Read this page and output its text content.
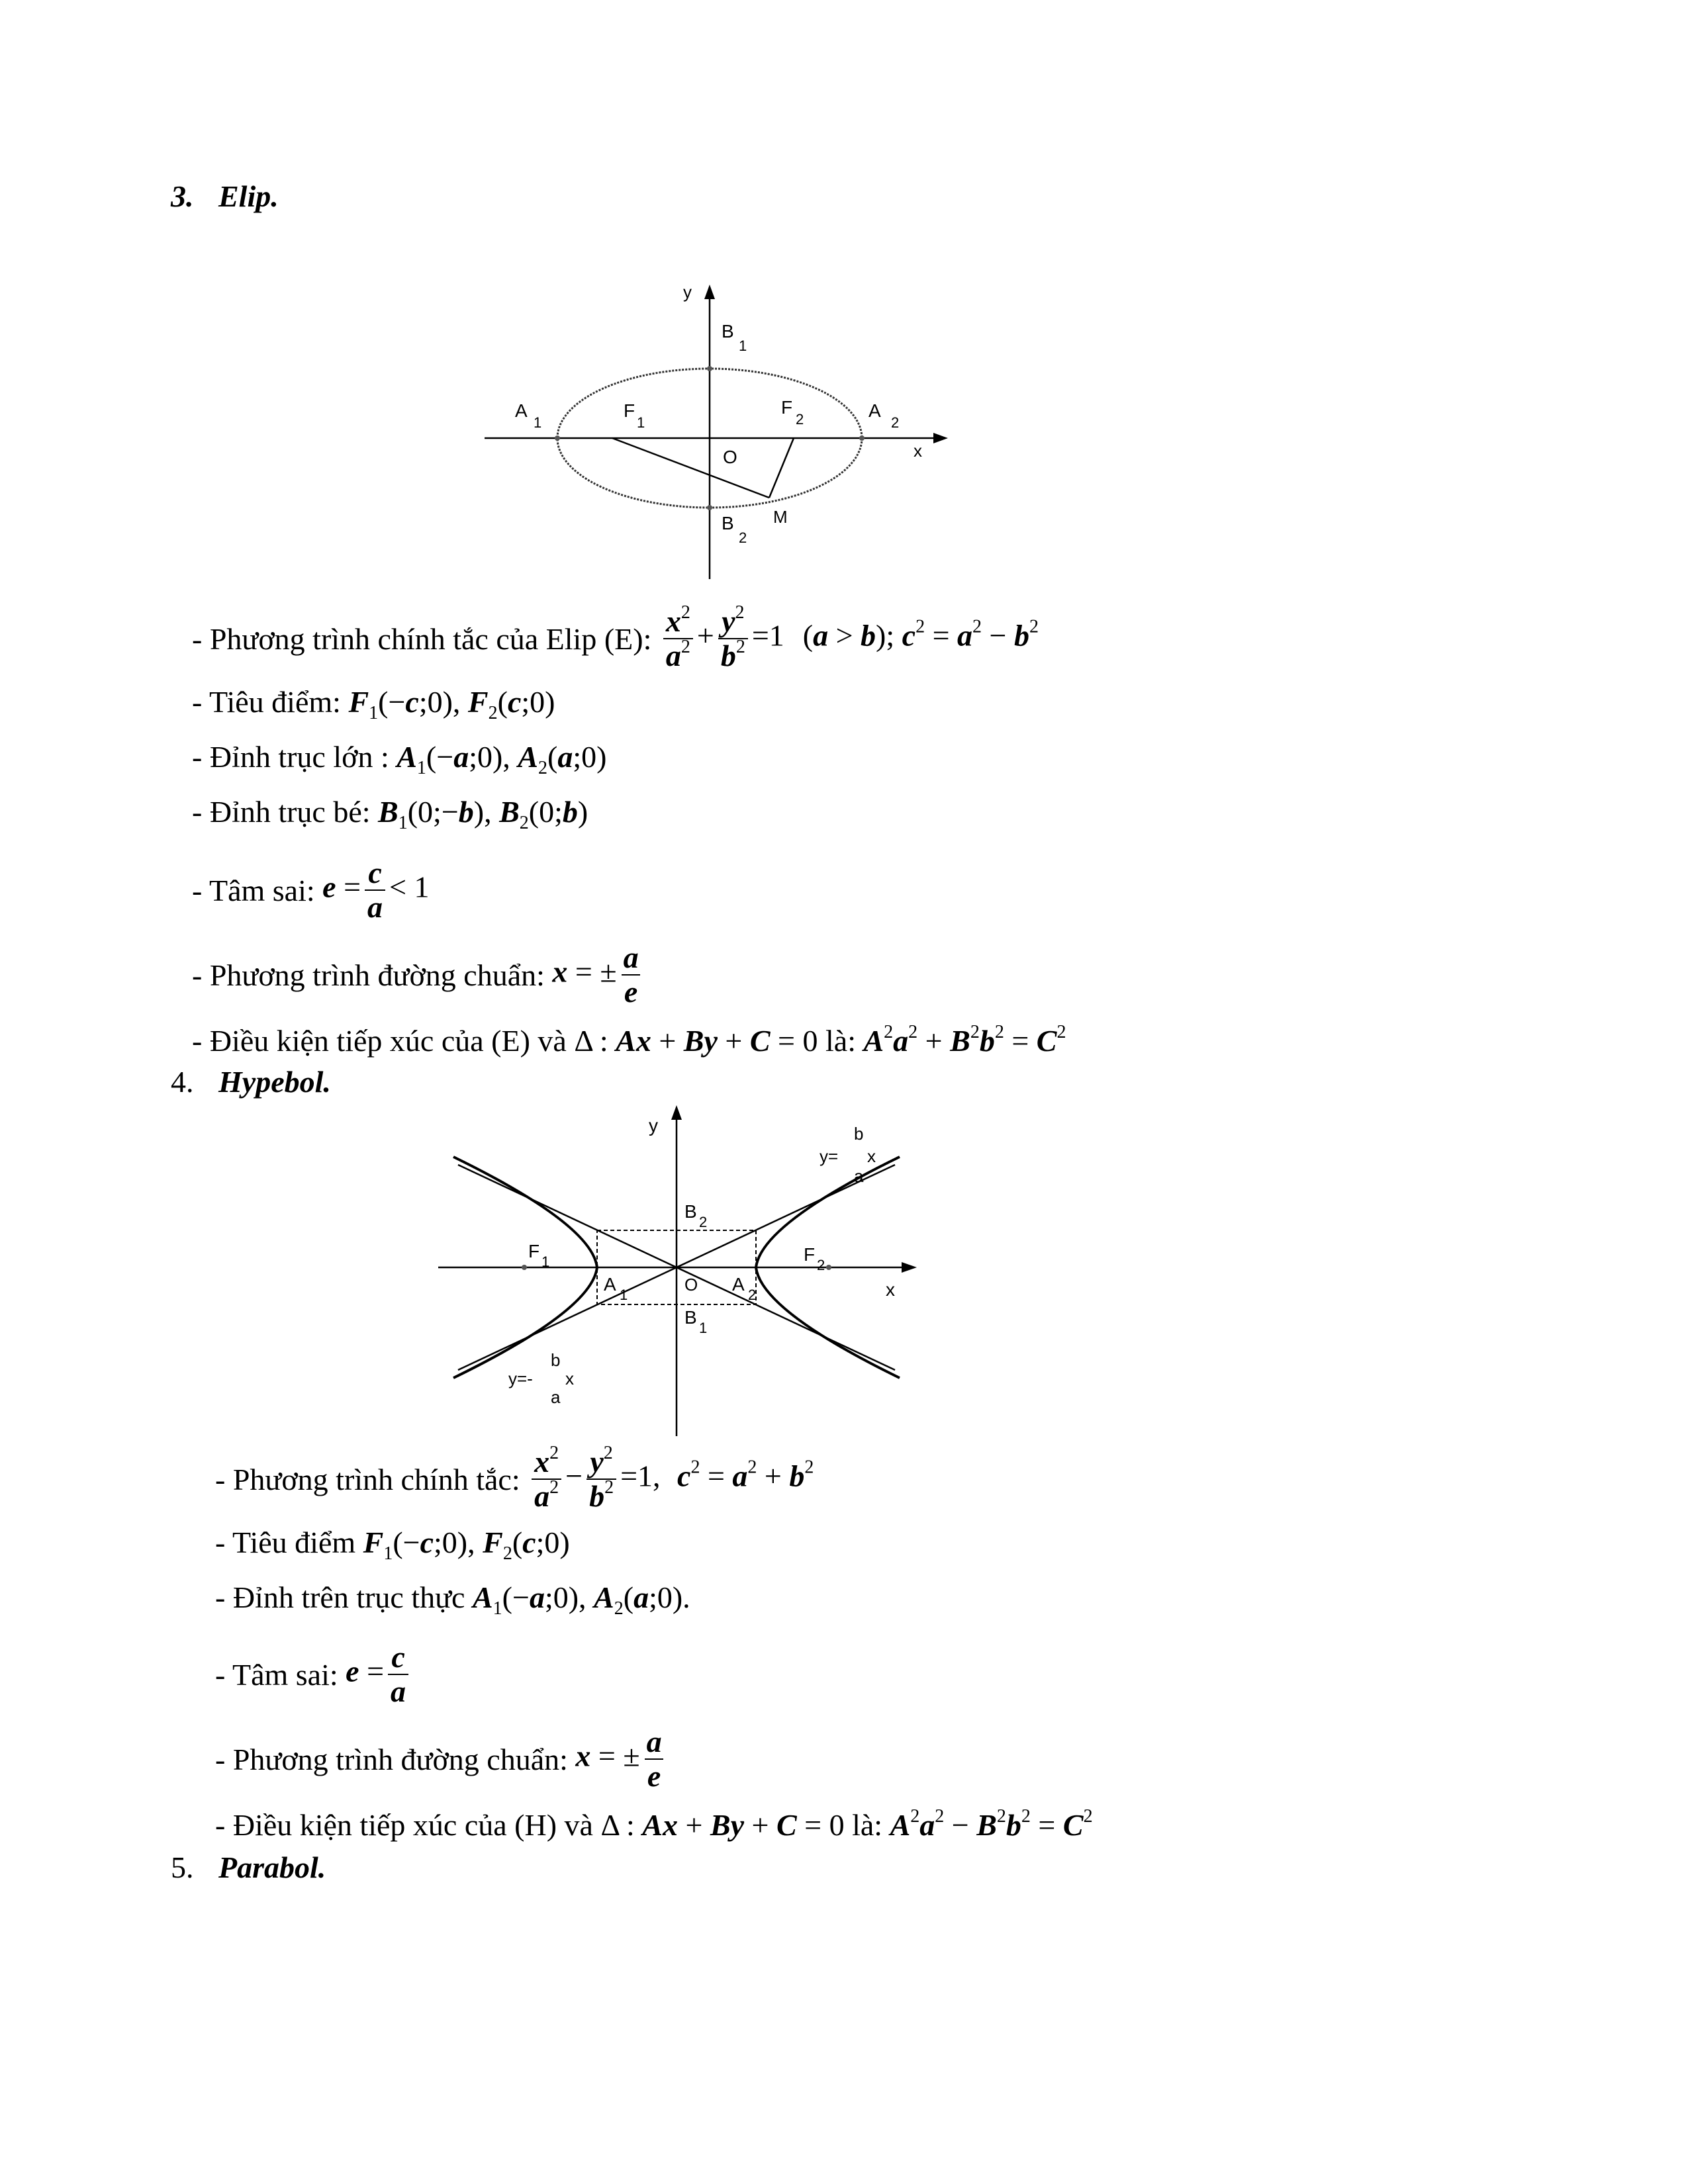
3. Elip.
y
x
O
B
1
B
2
A
1
A
2
F
1
F
2
M
- Phương trình chính tắc của Elip (E): $\frac{x^2}{a^2} + \frac{y^2}{b^2} =1$ (a > b); $c^2 = a^2 - b^2$
- Tiêu điểm: $F_1(-c;0)$, $F_2(c;0)$
- Đỉnh trục lớn : $A_1(-a;0)$, $A_2(a;0)$
- Đỉnh trục bé: $B_1(0;-b)$, $B_2(0;b)$
- Tâm sai: $e = \frac{c}{a} < 1$
- Phương trình đường chuẩn: x = ± $\frac{a}{e}$
- Điều kiện tiếp xúc của (E) và Δ : Ax + By + C = 0 là: $A^2a^2 + B^2b^2 = C^2$
4. Hypebol.
y
x
O
B
2
B
1
A
1
A
2
F
1	F
2
b
y= x
a
b
y=- x
a
- Phương trình chính tắc: $\frac{x^2}{a^2} - \frac{y^2}{b^2} =1$, $c^2 = a^2 + b^2$
- Tiêu điểm $F_1(-c;0)$, $F_2(c;0)$
- Đỉnh trên trục thực $A_1(-a;0)$, $A_2(a;0)$.
- Tâm sai: $e = \frac{c}{a}$
- Phương trình đường chuẩn: x = ± $\frac{a}{e}$
- Điều kiện tiếp xúc của (H) và Δ : Ax + By + C = 0 là: $A^2a^2 - B^2b^2 = C^2$
5. Parabol.
